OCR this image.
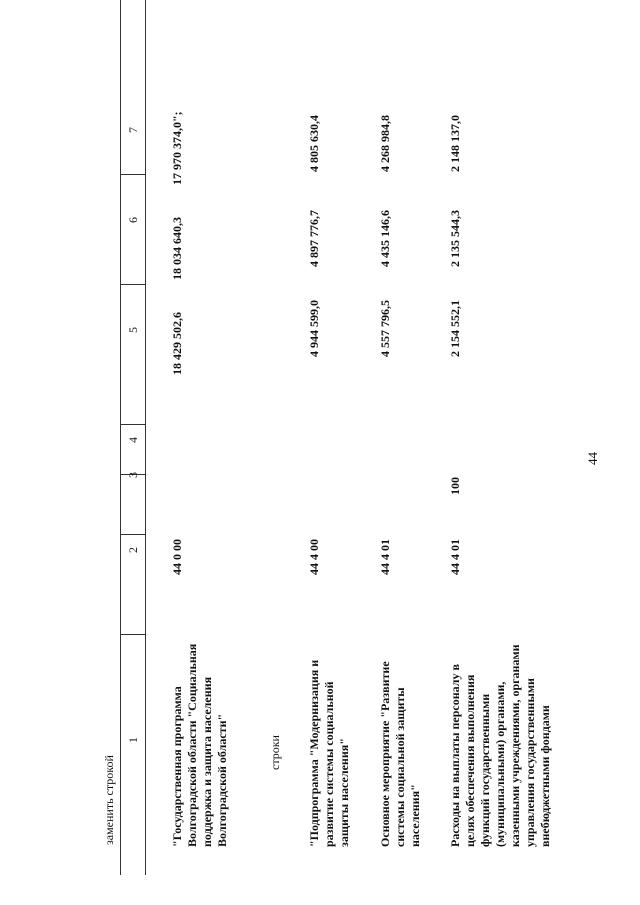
44
заменить строкой
1
2
3
4
5
6
7
"Государственная программа Волгоградской области "Социальная поддержка и защита населения Волгоградской области"
44 0 00
18 429 502,6
18 034 640,3
17 970 374,0";
строки "Подпрограмма "Модернизация и развитие системы социальной защиты населения"
44 4 00
4 944 599,0
4 897 776,7
4 805 630,4
Основное мероприятие "Развитие системы социальной защиты населения"
44 4 01
4 557 796,5
4 435 146,6
4 268 984,8
Расходы на выплаты персоналу в целях обеспечения выполнения функций государственными (муниципальными) органами, казенными учреждениями, органами управления государственными внебюджетными фондами
44 4 01
100
2 154 552,1
2 135 544,3
2 148 137,0
